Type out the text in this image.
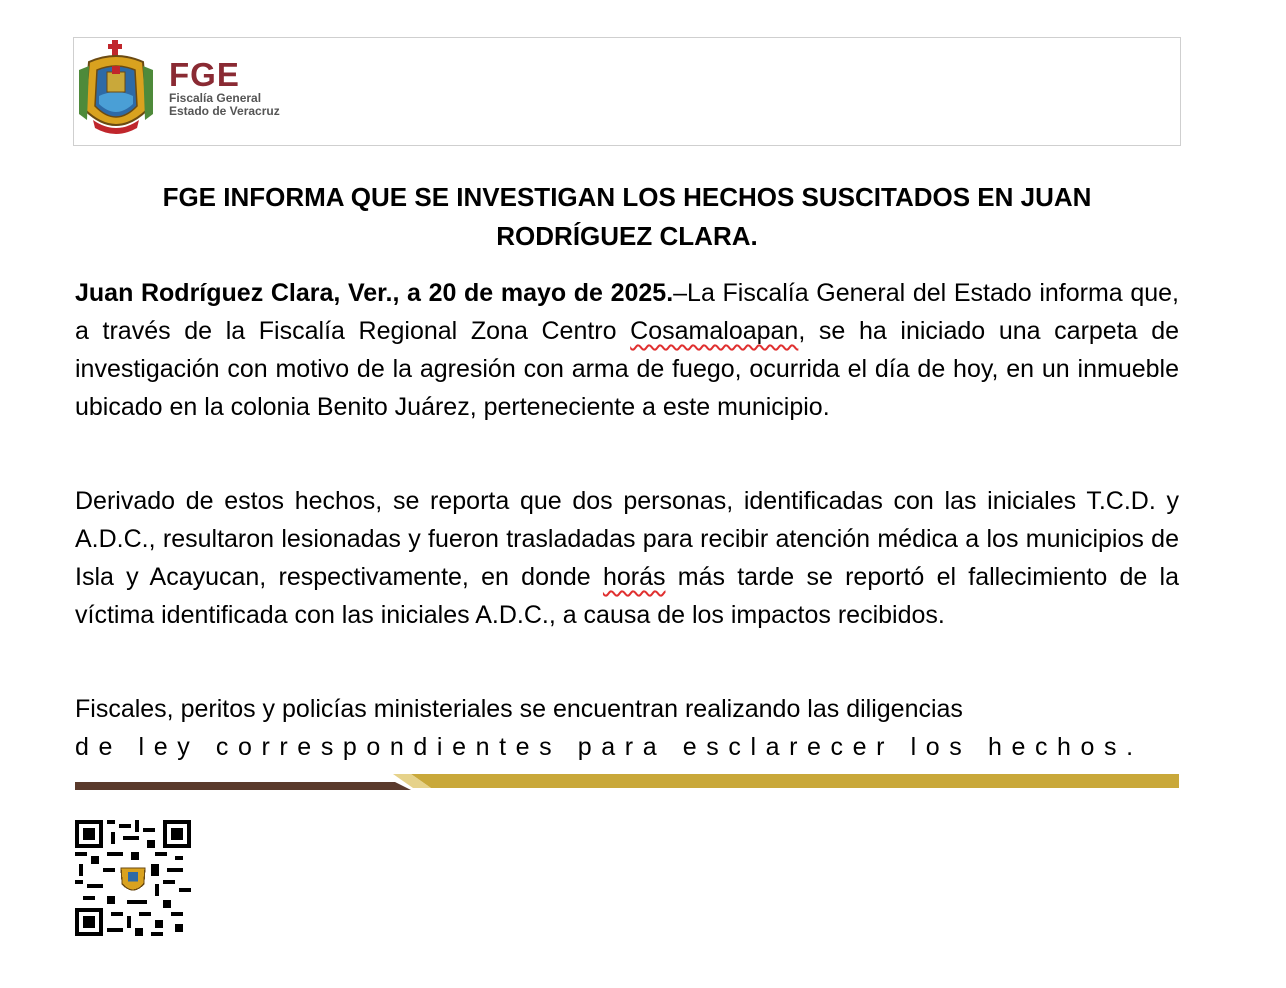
FGE
Fiscalía General
Estado de Veracruz
FGE INFORMA QUE SE INVESTIGAN LOS HECHOS SUSCITADOS EN JUAN
RODRÍGUEZ CLARA.
Juan Rodríguez Clara, Ver., a 20 de mayo de 2025.–La Fiscalía General del Estado informa que, a través de la Fiscalía Regional Zona Centro Cosamaloapan, se ha iniciado una carpeta de investigación con motivo de la agresión con arma de fuego, ocurrida el día de hoy, en un inmueble ubicado en la colonia Benito Juárez, perteneciente a este municipio.
Derivado de estos hechos, se reporta que dos personas, identificadas con las iniciales T.C.D. y A.D.C., resultaron lesionadas y fueron trasladadas para recibir atención médica a los municipios de Isla y Acayucan, respectivamente, en donde horás más tarde se reportó el fallecimiento de la víctima identificada con las iniciales A.D.C., a causa de los impactos recibidos.
Fiscales, peritos y policías ministeriales se encuentran realizando las diligencias
de ley correspondientes para esclarecer los hechos.
